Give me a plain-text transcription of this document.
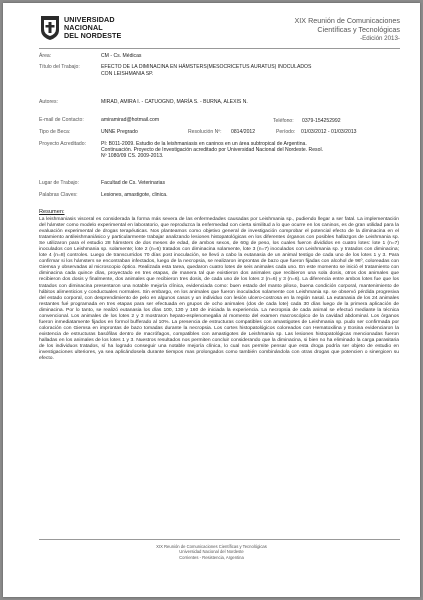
UNIVERSIDAD
NACIONAL
DEL NORDESTE
XIX Reunión de Comunicaciones
Científicas y Tecnológicas
-Edición 2013-
Área:	CM - Cs. Médicas
Título del Trabajo:	EFECTO DE LA DIMINACINA EN HÁMSTERS(MESOCRICETUS AURATUS) INOCULADOS
CON LEISHMANIA SP.
Autores:	MIRAD, AMIRA I. - CATUOGNO, MARÍA S. - BURNA, ALEXIS N.
E-mail de Contacto:	amiramirad@hotmail.com	Teléfono: 0379-154252992
Tipo de Beca:	UNNE Pregrado	Resolución Nº: 0814/2012	Período: 01/03/2012 - 01/03/2013
Proyecto Acreditado:	PI: B011-2009. Estudio de la leishmaniasis en caninos en un área subtropical de Argentina.
Continuación. Proyecto de Investigación acreditado por Universidad Nacional del Nordeste. Resol.
Nº 1080/09 CS. 2009-2013.
Lugar de Trabajo:	Facultad de Cs. Veterinarias
Palabras Claves:	Lesiones, amastigote, clinica.
Resumen:
La leishmaniasis visceral es considerada la forma más severa de las enfermedades causadas por Leishmania sp., pudiendo llegar a ser fatal. La implementación del hámster como modelo experimental en laboratorio, que reproduzca la enfermedad con cierta similitud a lo que ocurre en los caninos, es de gran utilidad para la evaluación experimental de drogas terapéuticas. Nos planteamos como objetivo general de investigación comprobar el potencial efecto de la diminacina en el tratamiento antileishmaniásico y particularmente trabajar analizando lesiones histopatológicas en los diferentes órganos con posibles hallazgos de Leishmania sp. Se utilizaron para el estudio 28 hámsters de dos meses de edad, de ambos sexos, de 60g de peso, los cuales fueron divididos en cuatro lotes: lote 1 (n=7) inoculados con Leishmania sp. solamente; lote 2 (n=6) tratados con diminacina solamente, lote 3 (n=7) inoculados con Leishmania sp. y tratados con diminacina; lote 4 (n=8) controles. Luego de transcurridos 70 días post inoculación, se llevó a cabo la eutanasia de un animal testigo de cada uno de los lotes 1 y 3. Para confirmar si los hámsters se encontraban infectados, luego de la necropsia, se realizaron improntas de bazo que fueron fijadas con alcohol de 96º, coloreadas con Giemsa y observadas al microscopio óptico. Realizada esta tarea, quedaron cuatro lotes de seis animales cada uno. En este momento se inició el tratamiento con diminacina cada quince días, proyectado en tres etapas, de manera tal que existieron dos animales que recibieron una sola dosis, otros dos animales que recibieron dos dosis y finalmente, dos animales que recibieron tres dosis, de cada uno de los lotes 2 (n=6) y 3 (n=6). La diferencia entre ambos lotes fue que los tratados con diminacina presentaron una notable mejoría clínica, evidenciada como: buen estado del manto piloso, buena condición corporal, mantenimiento de hábitos alimenticios y conductuales normales. Sin embargo, en los animales que fueron inoculados solamente con Leishmania sp. se observó pérdida progresiva del estado corporal, con desprendimiento de pelo en algunos casos y un individuo con lesión ulcero-costrosa en la región nasal. La eutanasia de los 24 animales restantes fué programada en tres etapas para ser efectuada en grupos de ocho animales (dos de cada lote) cada 30 días luego de la primera aplicación de diminacina. Por lo tanto, se realizó eutanasia los días 100, 130 y 160 de iniciada la experiencia. La necropsia de cada animal se efectuó mediante la técnica convencional. Los animales de los lotes 2 y 3 mostraron hepato-esplenomegalia al momento del examen macroscópico de la cavidad abdominal. Los órganos fueron inmediatamente fijados en formol bufferado al 10%. La presencia de estructuras compatibles con amastigotes de Leishmania sp. pudo ser confirmada por coloración con Giemsa en improntas de bazo tomadas durante la necropsia. Los cortes histopatológicos coloreados con Hematoxilina y Eosina evidenciaron la existencia de estructuras basófilas dentro de macrófagos, compatibles con amastigotes de Leishmania sp. Las lesiones histopatológicas mencionadas fueron halladas en los animales de los lotes 1 y 3. Nuestros resultados nos permiten concluir considerando que la diminacina, si bien no ha eliminado la carga parasitaria de los individuos tratados, sí ha logrado conseguir una notable mejoría clínica, lo cual nos permite pensar que esta droga podría ser objeto de estudio en investigaciones ulteriores, ya sea aplicándosela durante tiempos mas prolongados como también combinándola con otras drogas que potencien o sinergicen su efecto.
XIX Reunión de Comunicaciones Científicas y Tecnológicas
Universidad Nacional del Nordeste
Corrientes - Resistencia, Argentina
